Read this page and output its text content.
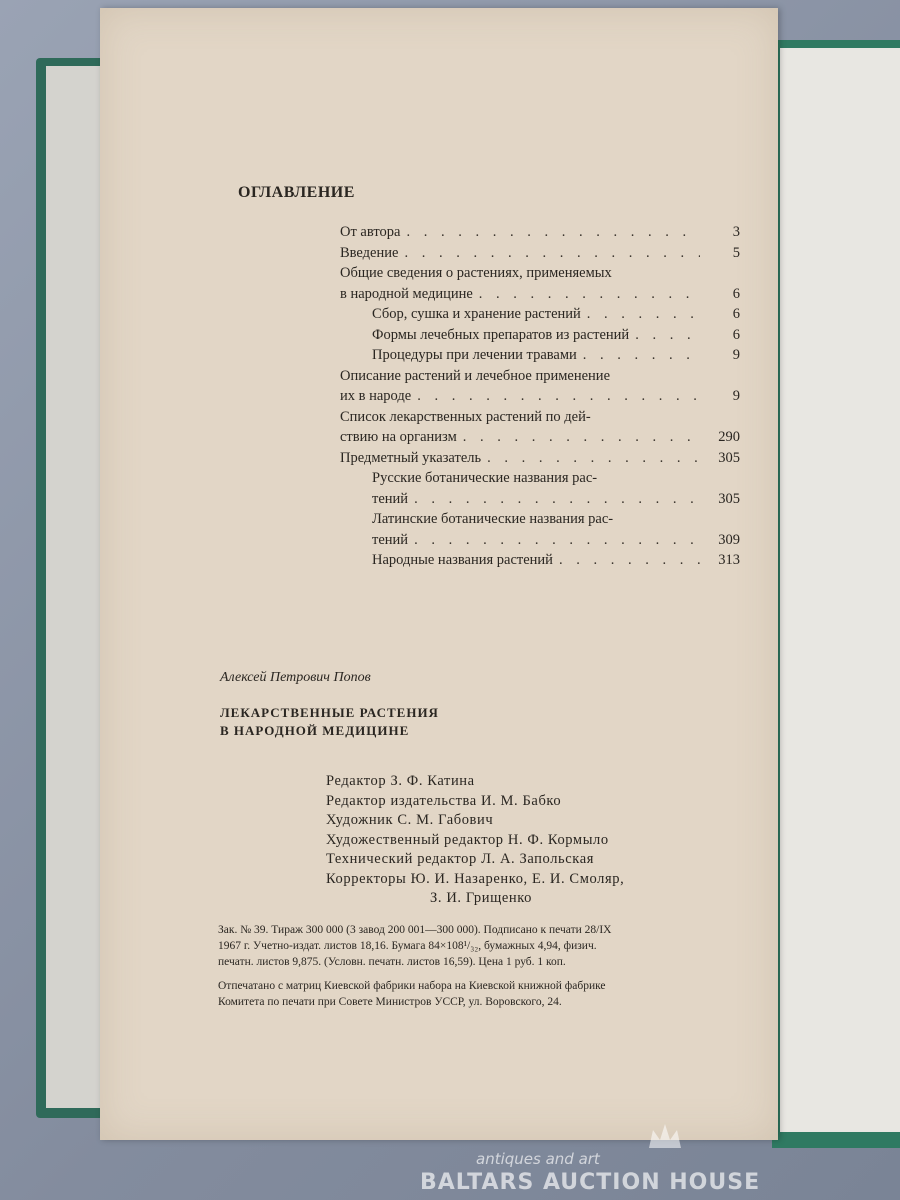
ОГЛАВЛЕНИЕ
От автора . . .	3
Введение . . .	5
Общие сведения о растениях, применяемых
в народной медицине . . .	6
Сбор, сушка и хранение растений . . .	6
Формы лечебных препаратов из растений . . .	6
Процедуры при лечении травами . . .	9
Описание растений и лечебное применение
их в народе . . .	9
Список лекарственных растений по дей-
ствию на организм . . .	290
Предметный указатель . . .	305
Русские ботанические названия рас-
тений . . .	305
Латинские ботанические названия рас-
тений . . .	309
Народные названия растений . . .	313
Алексей Петрович Попов
ЛЕКАРСТВЕННЫЕ РАСТЕНИЯ
В НАРОДНОЙ МЕДИЦИНЕ
Редактор З. Ф. Катина
Редактор издательства И. М. Бабко
Художник С. М. Габович
Художественный редактор Н. Ф. Кормыло
Технический редактор Л. А. Запольская
Корректоры Ю. И. Назаренко, Е. И. Смоляр,
З. И. Грищенко
Зак. № 39. Тираж 300 000 (3 завод 200 001—300 000). Подписано к печати 28/IX
1967 г. Учетно-издат. листов 18,16. Бумага 84×108¹/₃₂, бумажных 4,94, физич.
печатн. листов 9,875. (Условн. печатн. листов 16,59). Цена 1 руб. 1 коп.
Отпечатано с матриц Киевской фабрики набора на Киевской книжной фабрике
Комитета по печати при Совете Министров УССР, ул. Воровского, 24.
antiques and art
BALTARS AUCTION HOUSE
